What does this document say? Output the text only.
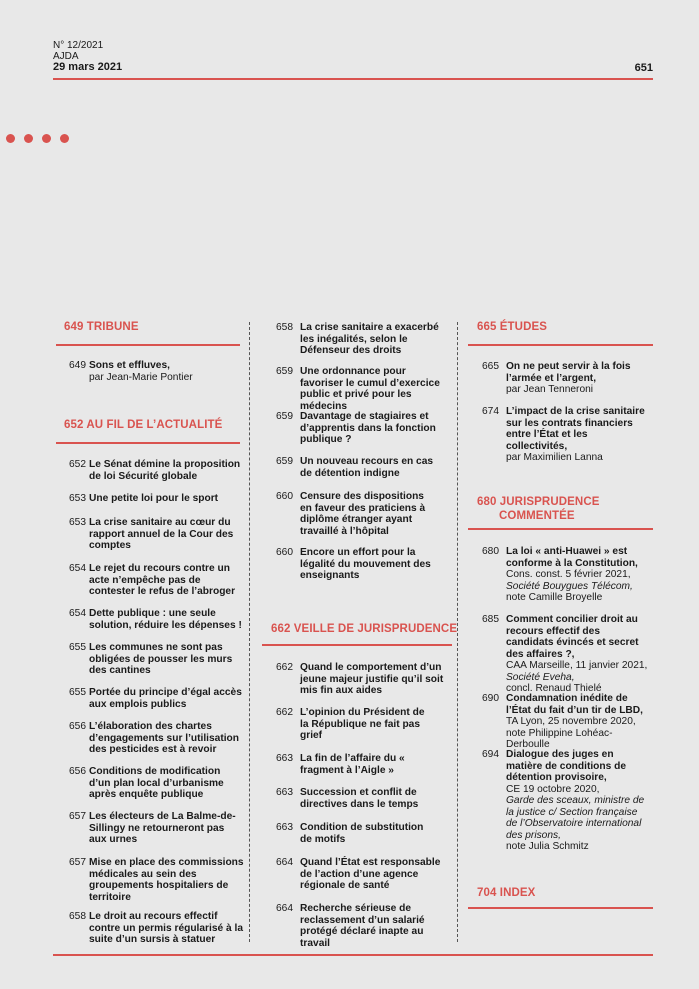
N° 12/2021
AJDA
29 mars 2021	651
649 TRIBUNE
649 Sons et effluves,
par Jean-Marie Pontier
652 AU FIL DE L’ACTUALITÉ
652 Le Sénat démine la proposition de loi Sécurité globale
653 Une petite loi pour le sport
653 La crise sanitaire au cœur du rapport annuel de la Cour des comptes
654 Le rejet du recours contre un acte n’empêche pas de contester le refus de l’abroger
654 Dette publique : une seule solution, réduire les dépenses !
655 Les communes ne sont pas obligées de pousser les murs des cantines
655 Portée du principe d’égal accès aux emplois publics
656 L’élaboration des chartes d’engagements sur l’utilisation des pesticides est à revoir
656 Conditions de modification d’un plan local d’urbanisme après enquête publique
657 Les électeurs de La Balme-de-Sillingy ne retourneront pas aux urnes
657 Mise en place des commissions médicales au sein des groupements hospitaliers de territoire
658 Le droit au recours effectif contre un permis régularisé à la suite d’un sursis à statuer
658 La crise sanitaire a exacerbé les inégalités, selon le Défenseur des droits
659 Une ordonnance pour favoriser le cumul d’exercice public et privé pour les médecins
659 Davantage de stagiaires et d’apprentis dans la fonction publique ?
659 Un nouveau recours en cas de détention indigne
660 Censure des dispositions en faveur des praticiens à diplôme étranger ayant travaillé à l’hôpital
660 Encore un effort pour la légalité du mouvement des enseignants
662 VEILLE DE JURISPRUDENCE
662 Quand le comportement d’un jeune majeur justifie qu’il soit mis fin aux aides
662 L’opinion du Président de la République ne fait pas grief
663 La fin de l’affaire du « fragment à l’Aigle »
663 Succession et conflit de directives dans le temps
663 Condition de substitution de motifs
664 Quand l’État est responsable de l’action d’une agence régionale de santé
664 Recherche sérieuse de reclassement d’un salarié protégé déclaré inapte au travail
665 ÉTUDES
665 On ne peut servir à la fois l’armée et l’argent,
par Jean Tenneroni
674 L’impact de la crise sanitaire sur les contrats financiers entre l’État et les collectivités,
par Maximilien Lanna
680 JURISPRUDENCE
COMMENTÉE
680 La loi « anti-Huawei » est conforme à la Constitution,
Cons. const. 5 février 2021,
Société Bouygues Télécom,
note Camille Broyelle
685 Comment concilier droit au recours effectif des candidats évincés et secret des affaires ?,
CAA Marseille, 11 janvier 2021,
Société Eveha,
concl. Renaud Thielé
690 Condamnation inédite de l’État du fait d’un tir de LBD,
TA Lyon, 25 novembre 2020,
note Philippine Lohéac-Derboulle
694 Dialogue des juges en matière de conditions de détention provisoire,
CE 19 octobre 2020,
Garde des sceaux, ministre de la justice c/ Section française de l’Observatoire international des prisons,
note Julia Schmitz
704 INDEX
